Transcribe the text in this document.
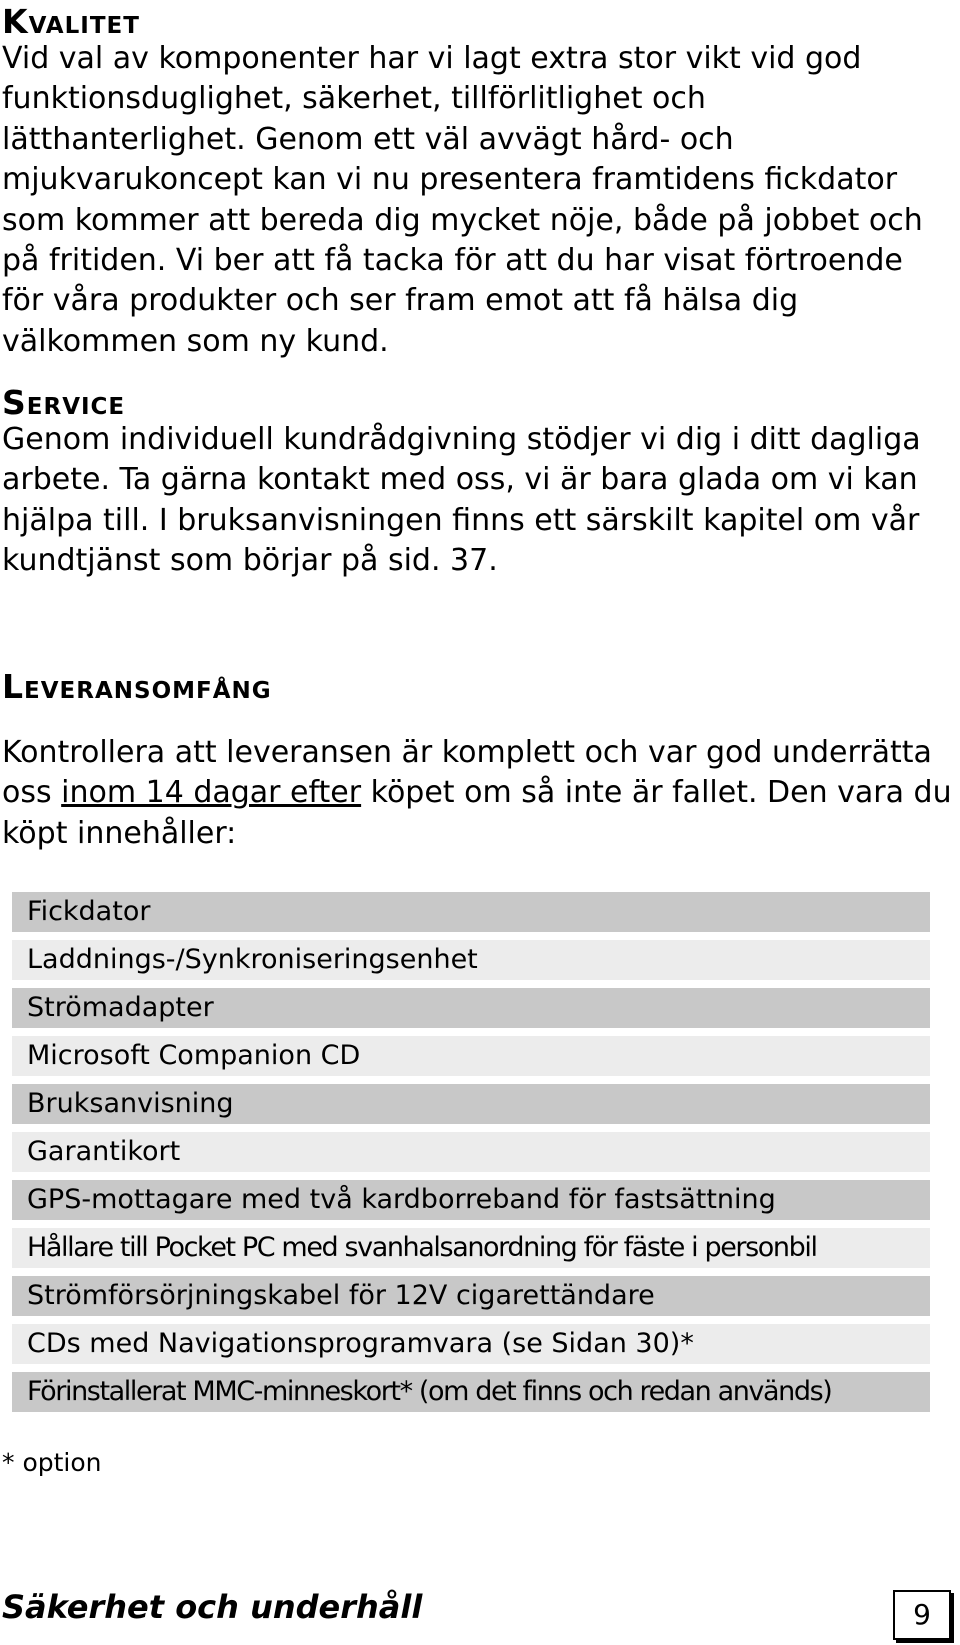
Kvalitet

Vid val av komponenter har vi lagt extra stor vikt vid god funktionsduglighet, säkerhet, tillförlitlighet och lätthanterlighet. Genom ett väl avvägt hård- och mjukvarukoncept kan vi nu presentera framtidens fickdator som kommer att bereda dig mycket nöje, både på jobbet och på fritiden. Vi ber att få tacka för att du har visat förtroende för våra produkter och ser fram emot att få hälsa dig välkommen som ny kund.

Service

Genom individuell kundrådgivning stödjer vi dig i ditt dagliga arbete. Ta gärna kontakt med oss, vi är bara glada om vi kan hjälpa till. I bruksanvisningen finns ett särskilt kapitel om vår kundtjänst som börjar på sid. 37.

Leveransomfång

Kontrollera att leveransen är komplett och var god underrätta oss inom 14 dagar efter köpet om så inte är fallet. Den vara du köpt innehåller:

Fickdator
Laddnings-/Synkroniseringsenhet
Strömadapter
Microsoft Companion CD
Bruksanvisning
Garantikort
GPS-mottagare med två kardborreband för fastsättning
Hållare till Pocket PC med svanhalsanordning för fäste i personbil
Strömförsörjningskabel för 12V cigarettändare
CDs med Navigationsprogramvara (se Sidan 30)*
Förinstallerat MMC-minneskort* (om det finns och redan används)
* option
Säkerhet och underhåll	9
